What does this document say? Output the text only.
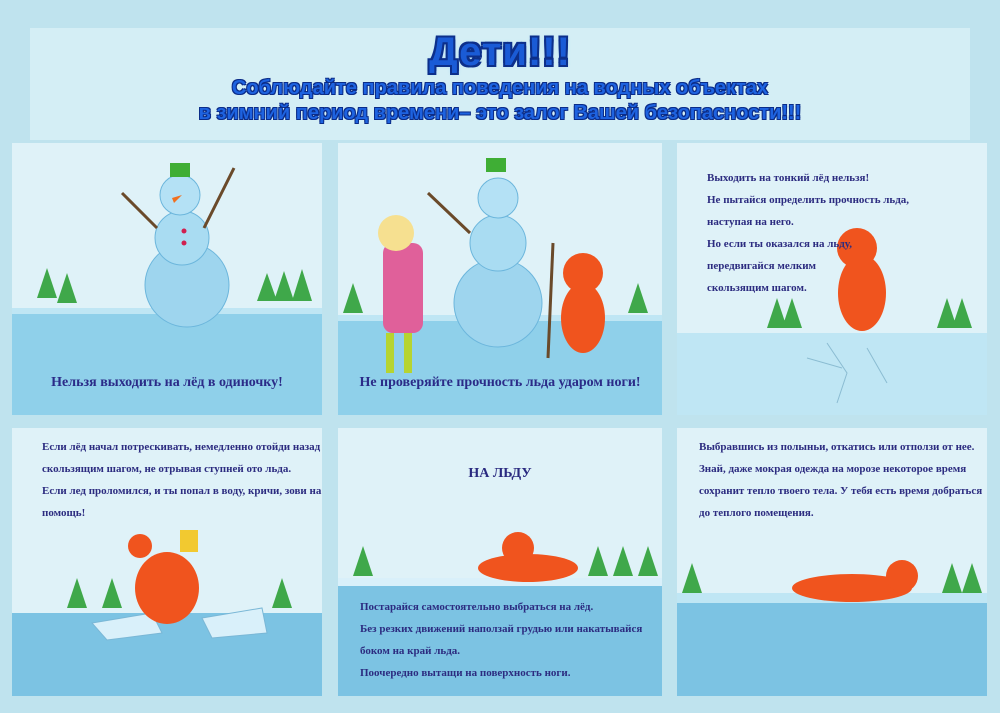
Дети!!!
Соблюдайте правила поведения на водных объектах
в зимний период времени– это залог Вашей безопасности!!!
Нельзя выходить на лёд в одиночку!	Не проверяйте прочность льда ударом ноги!
Выходить на тонкий лёд нельзя!
Не пытайся определить прочность льда,
наступая на него.
Но если ты оказался на льду,
передвигайся мелким
скользящим шагом.
Если лёд начал потрескивать, немедленно отойди назад
скользящим шагом, не отрывая ступней ото льда.
Если лед проломился, и ты попал в воду, кричи, зови на
помощь!
НА ЛЬДУ
Постарайся самостоятельно выбраться на лёд.
Без резких движений наползай грудью или накатывайся
боком на край льда.
Поочередно вытащи на поверхность ноги.
Выбравшись из полыньи, откатись или отползи от нее.
Знай, даже мокрая одежда на морозе некоторое время
сохранит тепло твоего тела. У тебя есть время добраться
до теплого помещения.
